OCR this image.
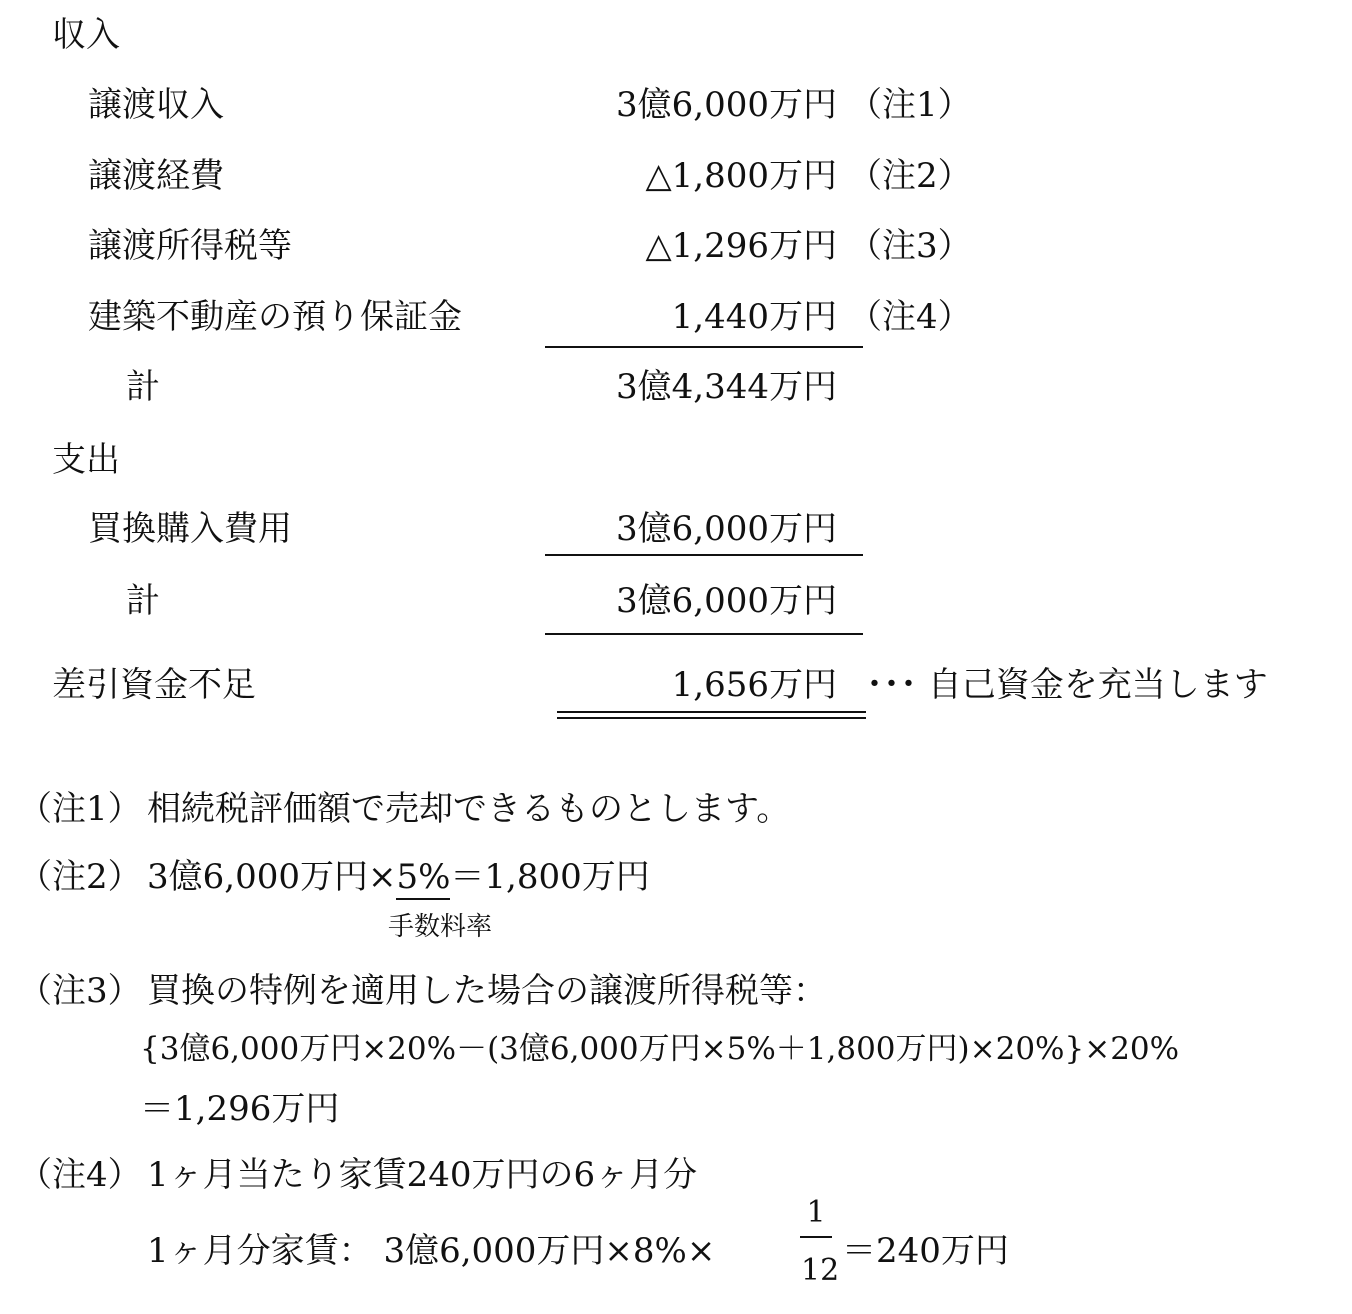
収入
譲渡収入	3億6,000万円 （注1）
譲渡経費	△1,800万円 （注2）
譲渡所得税等	△1,296万円 （注3）
建築不動産の預り保証金	1,440万円 （注4）
計	3億4,344万円
支出
買換購入費用	3億6,000万円
計	3億6,000万円
差引資金不足	1,656万円 ･･･ 自己資金を充当します
（注1） 相続税評価額で売却できるものとします。
（注2） 3億6,000万円×5%＝1,800万円
手数料率
（注3） 買換の特例を適用した場合の譲渡所得税等：
{3億6,000万円×20%－(3億6,000万円×5%＋1,800万円)×20%}×20%
＝1,296万円
（注4） 1ヶ月当たり家賃240万円の6ヶ月分
1ヶ月分家賃： 3億6,000万円×8%×
1
12 ＝240万円
